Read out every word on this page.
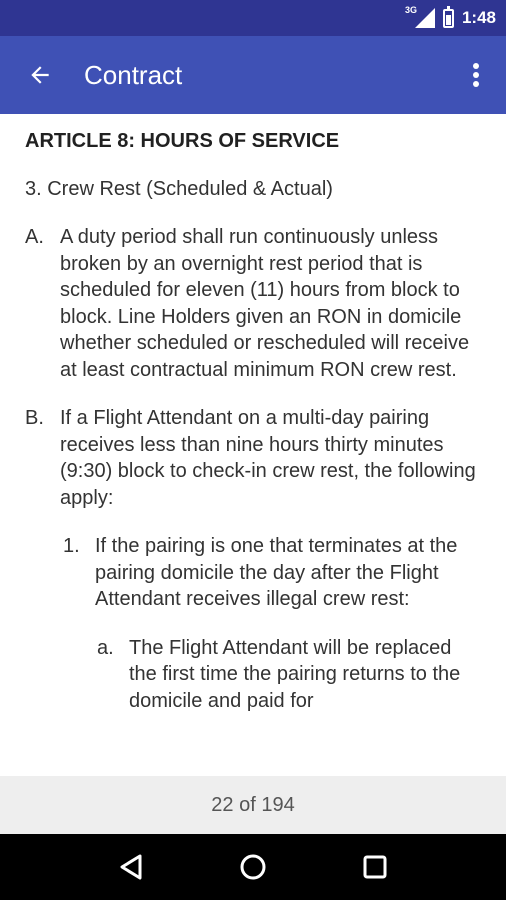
3G	1:48
Contract
ARTICLE 8: HOURS OF SERVICE
3. Crew Rest (Scheduled & Actual)
A. A duty period shall run continuously unless broken by an overnight rest period that is scheduled for eleven (11) hours from block to block. Line Holders given an RON in domicile whether scheduled or rescheduled will receive at least contractual minimum RON crew rest.
B. If a Flight Attendant on a multi-day pairing receives less than nine hours thirty minutes (9:30) block to check-in crew rest, the following apply:
1. If the pairing is one that terminates at the pairing domicile the day after the Flight Attendant receives illegal crew rest:
a. The Flight Attendant will be replaced the first time the pairing returns to the domicile and paid for
22 of 194
